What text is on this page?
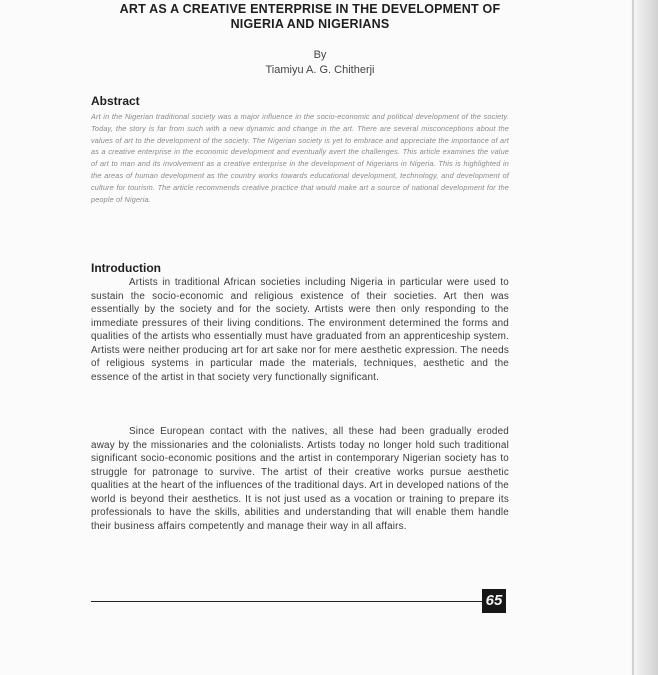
ART AS A CREATIVE ENTERPRISE IN THE DEVELOPMENT OF

NIGERIA AND NIGERIANS

By

Tiamiyu A. G. Chitherji

Abstract

Art in the Nigerian traditional society was a major influence in the socio-economic and political development of the society. Today, the story is far from such with a new dynamic and change in the art. There are several misconceptions about the values of art to the development of the society. The Nigerian society is yet to embrace and appreciate the importance of art as a creative enterprise in the economic development and eventually avert the challenges. This article examines the value of art to man and its involvement as a creative enterprise in the development of Nigerians in Nigeria. This is highlighted in the areas of human development as the country works towards educational development, technology, and development of culture for tourism. The article recommends creative practice that would make art a source of national development for the people of Nigeria.

Introduction

Artists in traditional African societies including Nigeria in particular were used to sustain the socio-economic and religious existence of their societies. Art then was essentially by the society and for the society. Artists were then only responding to the immediate pressures of their living conditions. The environment determined the forms and qualities of the artists who essentially must have graduated from an apprenticeship system. Artists were neither producing art for art sake nor for mere aesthetic expression. The needs of religious systems in particular made the materials, techniques, aesthetic and the essence of the artist in that society very functionally significant.

Since European contact with the natives, all these had been gradually eroded away by the missionaries and the colonialists. Artists today no longer hold such traditional significant socio-economic positions and the artist in contemporary Nigerian society has to struggle for patronage to survive. The artist of their creative works pursue aesthetic qualities at the heart of the influences of the traditional days. Art in developed nations of the world is beyond their aesthetics. It is not just used as a vocation or training to prepare its professionals to have the skills, abilities and understanding that will enable them handle their business affairs competently and manage their way in all affairs.

65
